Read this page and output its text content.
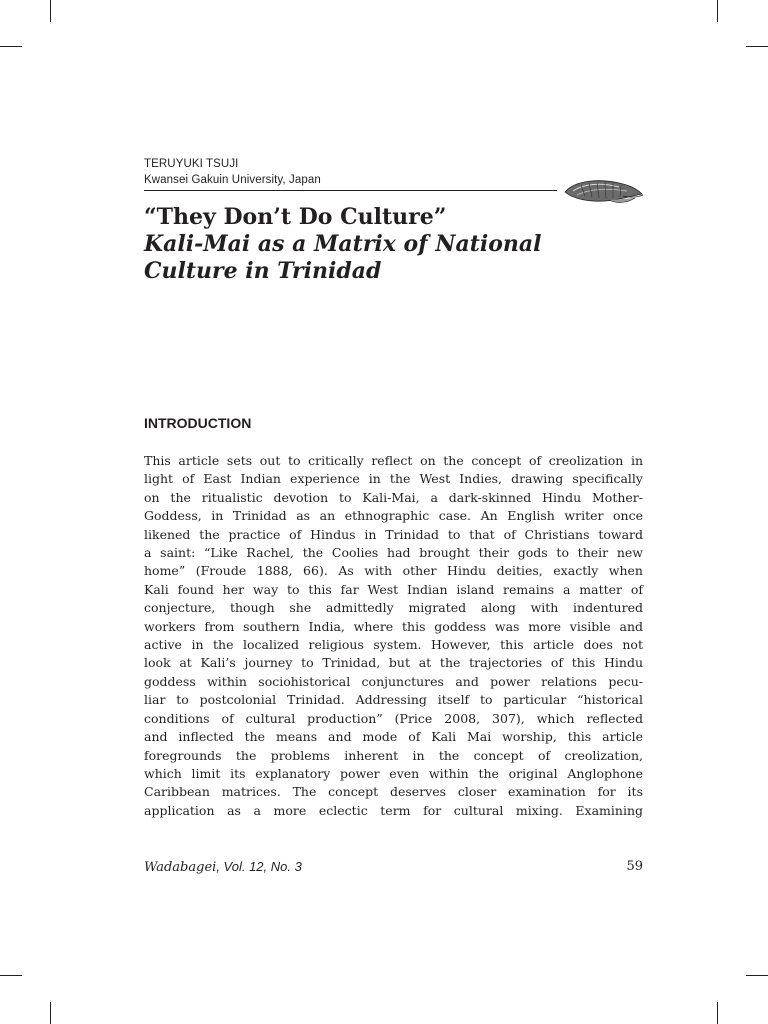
TERUYUKI TSUJI
Kwansei Gakuin University, Japan
“They Don’t Do Culture”
Kali-Mai as a Matrix of National
Culture in Trinidad
INTRODUCTION

This article sets out to critically reflect on the concept of creolization in
light of East Indian experience in the West Indies, drawing specifically
on the ritualistic devotion to Kali-Mai, a dark-skinned Hindu Mother-
Goddess, in Trinidad as an ethnographic case. An English writer once
likened the practice of Hindus in Trinidad to that of Christians toward
a saint: “Like Rachel, the Coolies had brought their gods to their new
home” (Froude 1888, 66). As with other Hindu deities, exactly when
Kali found her way to this far West Indian island remains a matter of
conjecture, though she admittedly migrated along with indentured
workers from southern India, where this goddess was more visible and
active in the localized religious system. However, this article does not
look at Kali’s journey to Trinidad, but at the trajectories of this Hindu
goddess within sociohistorical conjunctures and power relations pecu-
liar to postcolonial Trinidad. Addressing itself to particular “historical
conditions of cultural production” (Price 2008, 307), which reflected
and inflected the means and mode of Kali Mai worship, this article
foregrounds the problems inherent in the concept of creolization,
which limit its explanatory power even within the original Anglophone
Caribbean matrices. The concept deserves closer examination for its
application as a more eclectic term for cultural mixing. Examining

Wadabagei, Vol. 12, No. 3	59
